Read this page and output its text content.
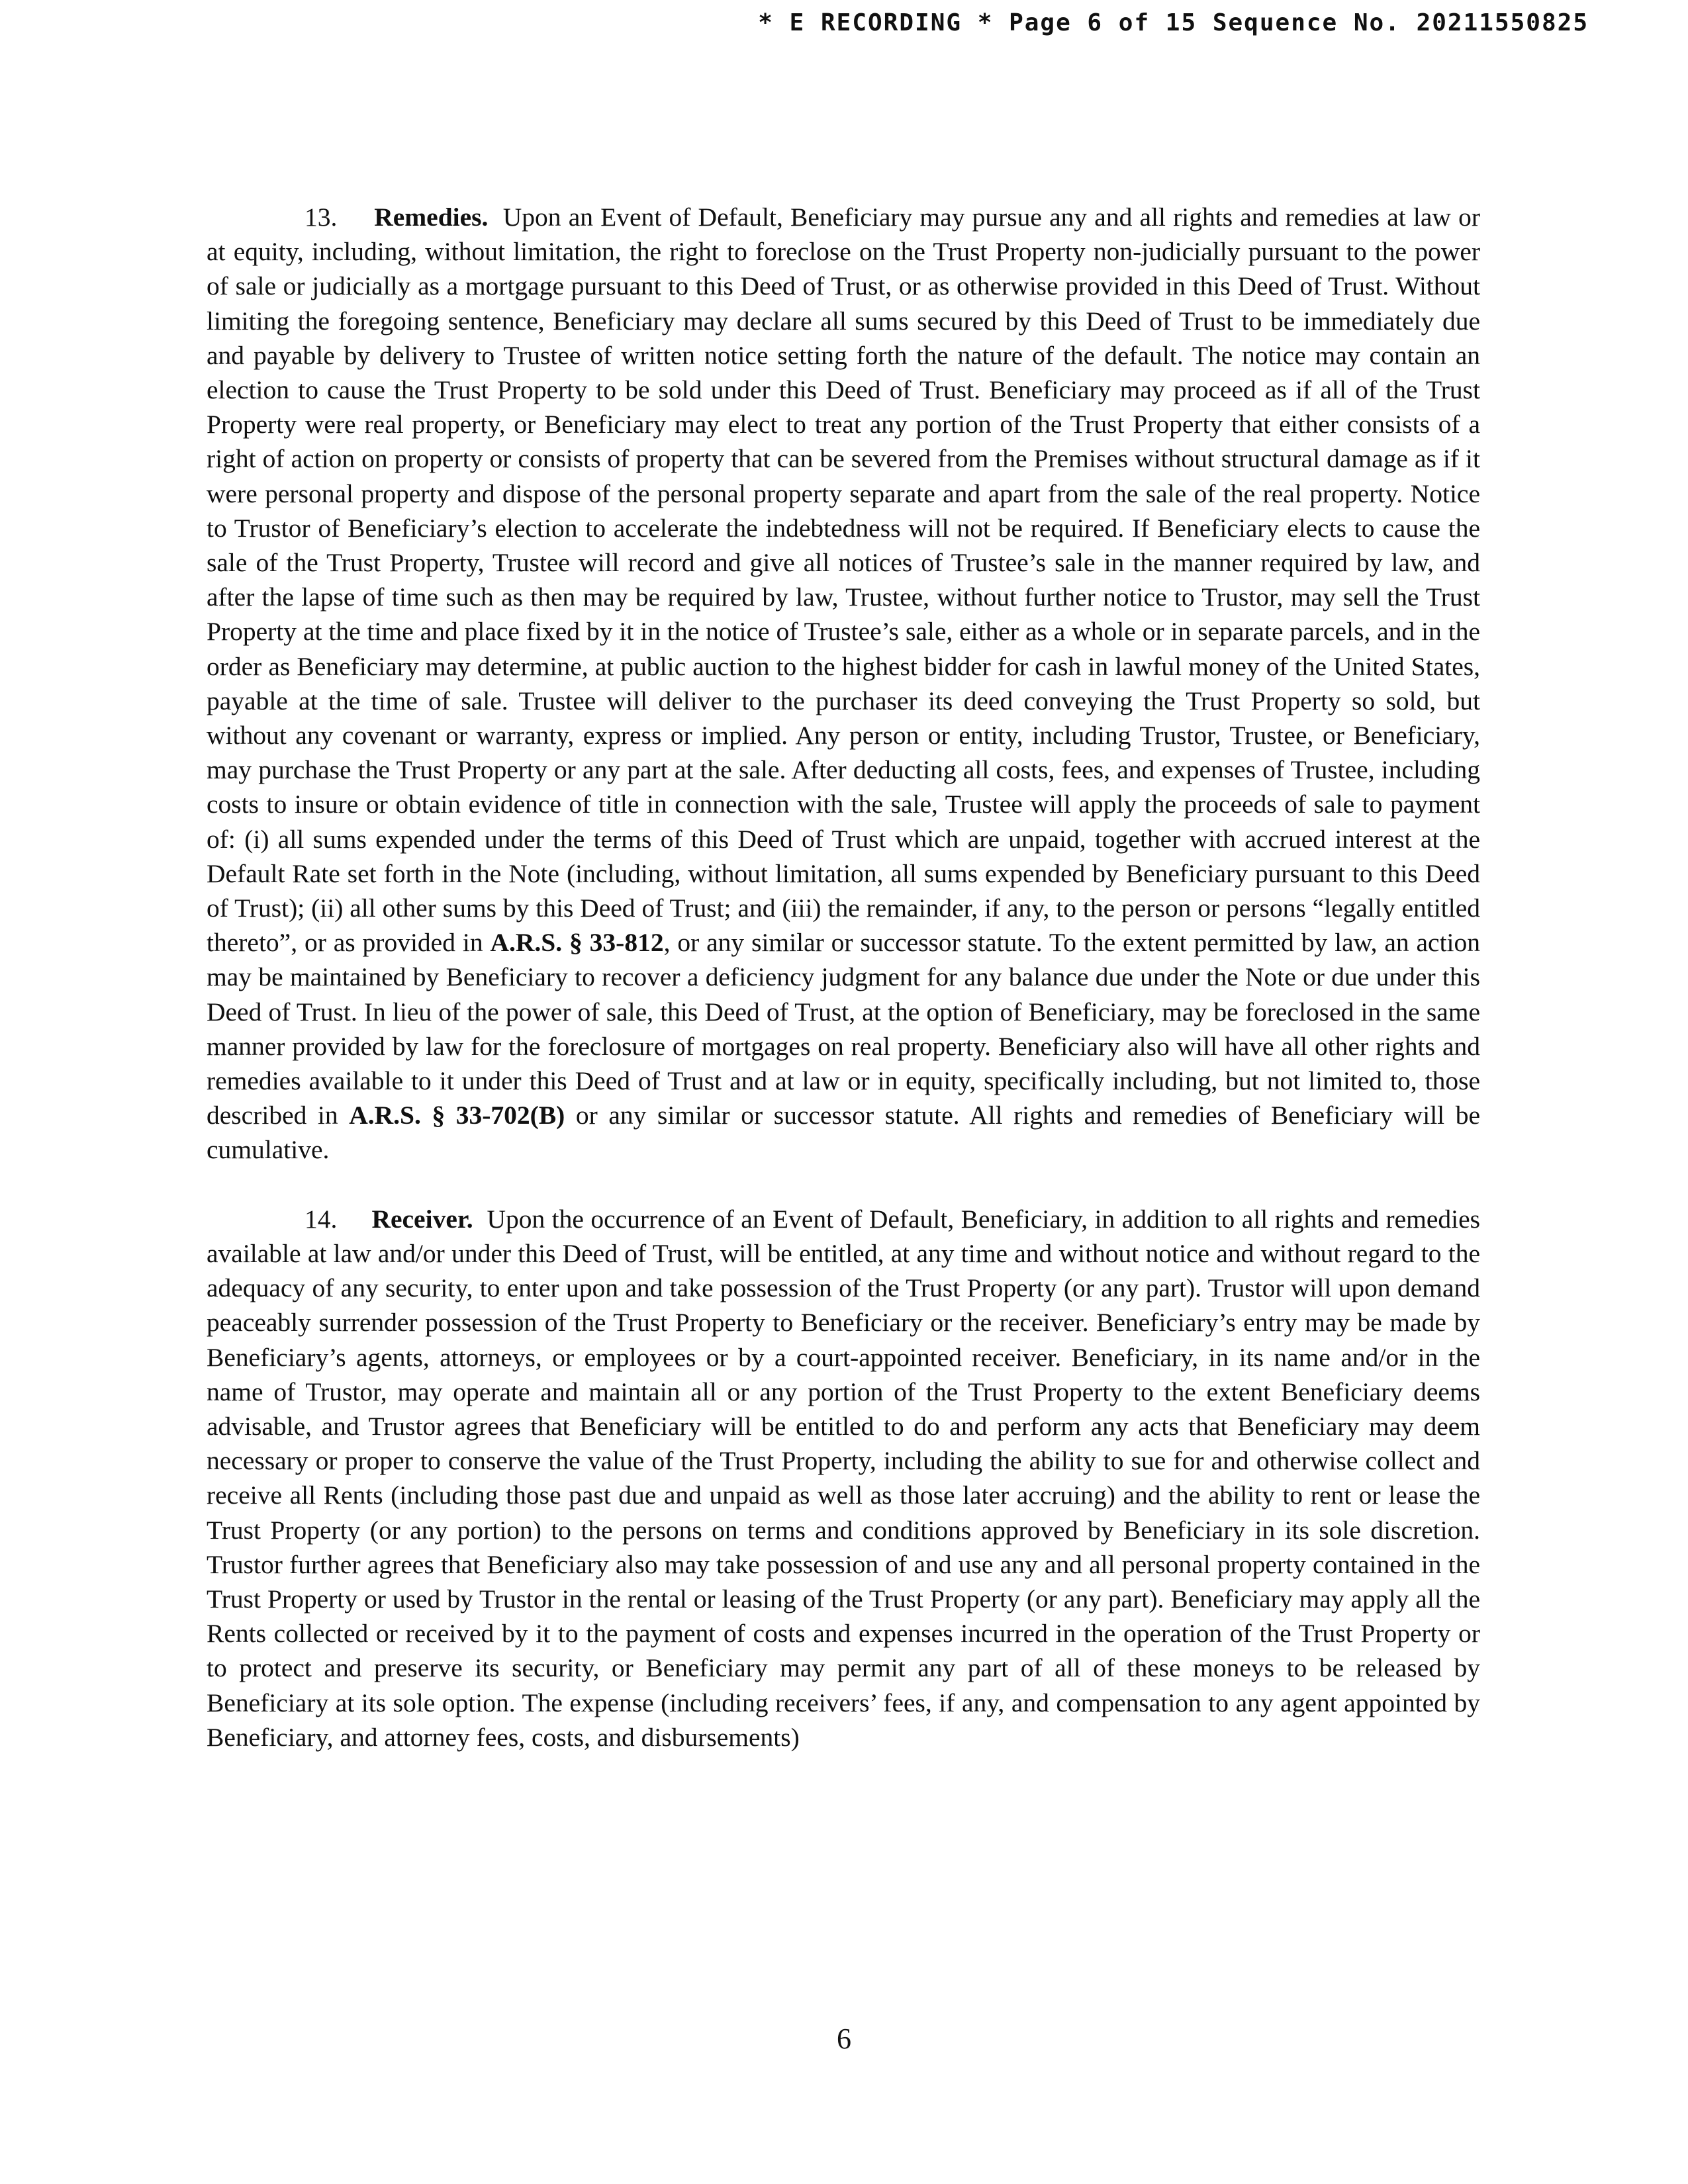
* E RECORDING * Page 6 of 15 Sequence No. 20211550825

13. Remedies. Upon an Event of Default, Beneficiary may pursue any and all rights and remedies at law or at equity, including, without limitation, the right to foreclose on the Trust Property non-judicially pursuant to the power of sale or judicially as a mortgage pursuant to this Deed of Trust, or as otherwise provided in this Deed of Trust. Without limiting the foregoing sentence, Beneficiary may declare all sums secured by this Deed of Trust to be immediately due and payable by delivery to Trustee of written notice setting forth the nature of the default. The notice may contain an election to cause the Trust Property to be sold under this Deed of Trust. Beneficiary may proceed as if all of the Trust Property were real property, or Beneficiary may elect to treat any portion of the Trust Property that either consists of a right of action on property or consists of property that can be severed from the Premises without structural damage as if it were personal property and dispose of the personal property separate and apart from the sale of the real property. Notice to Trustor of Beneficiary’s election to accelerate the indebtedness will not be required. If Beneficiary elects to cause the sale of the Trust Property, Trustee will record and give all notices of Trustee’s sale in the manner required by law, and after the lapse of time such as then may be required by law, Trustee, without further notice to Trustor, may sell the Trust Property at the time and place fixed by it in the notice of Trustee’s sale, either as a whole or in separate parcels, and in the order as Beneficiary may determine, at public auction to the highest bidder for cash in lawful money of the United States, payable at the time of sale. Trustee will deliver to the purchaser its deed conveying the Trust Property so sold, but without any covenant or warranty, express or implied. Any person or entity, including Trustor, Trustee, or Beneficiary, may purchase the Trust Property or any part at the sale. After deducting all costs, fees, and expenses of Trustee, including costs to insure or obtain evidence of title in connection with the sale, Trustee will apply the proceeds of sale to payment of: (i) all sums expended under the terms of this Deed of Trust which are unpaid, together with accrued interest at the Default Rate set forth in the Note (including, without limitation, all sums expended by Beneficiary pursuant to this Deed of Trust); (ii) all other sums by this Deed of Trust; and (iii) the remainder, if any, to the person or persons “legally entitled thereto”, or as provided in A.R.S. § 33-812, or any similar or successor statute. To the extent permitted by law, an action may be maintained by Beneficiary to recover a deficiency judgment for any balance due under the Note or due under this Deed of Trust. In lieu of the power of sale, this Deed of Trust, at the option of Beneficiary, may be foreclosed in the same manner provided by law for the foreclosure of mortgages on real property. Beneficiary also will have all other rights and remedies available to it under this Deed of Trust and at law or in equity, specifically including, but not limited to, those described in A.R.S. § 33-702(B) or any similar or successor statute. All rights and remedies of Beneficiary will be cumulative.

14. Receiver. Upon the occurrence of an Event of Default, Beneficiary, in addition to all rights and remedies available at law and/or under this Deed of Trust, will be entitled, at any time and without notice and without regard to the adequacy of any security, to enter upon and take possession of the Trust Property (or any part). Trustor will upon demand peaceably surrender possession of the Trust Property to Beneficiary or the receiver. Beneficiary’s entry may be made by Beneficiary’s agents, attorneys, or employees or by a court-appointed receiver. Beneficiary, in its name and/or in the name of Trustor, may operate and maintain all or any portion of the Trust Property to the extent Beneficiary deems advisable, and Trustor agrees that Beneficiary will be entitled to do and perform any acts that Beneficiary may deem necessary or proper to conserve the value of the Trust Property, including the ability to sue for and otherwise collect and receive all Rents (including those past due and unpaid as well as those later accruing) and the ability to rent or lease the Trust Property (or any portion) to the persons on terms and conditions approved by Beneficiary in its sole discretion. Trustor further agrees that Beneficiary also may take possession of and use any and all personal property contained in the Trust Property or used by Trustor in the rental or leasing of the Trust Property (or any part). Beneficiary may apply all the Rents collected or received by it to the payment of costs and expenses incurred in the operation of the Trust Property or to protect and preserve its security, or Beneficiary may permit any part of all of these moneys to be released by Beneficiary at its sole option. The expense (including receivers’ fees, if any, and compensation to any agent appointed by Beneficiary, and attorney fees, costs, and disbursements)

6
